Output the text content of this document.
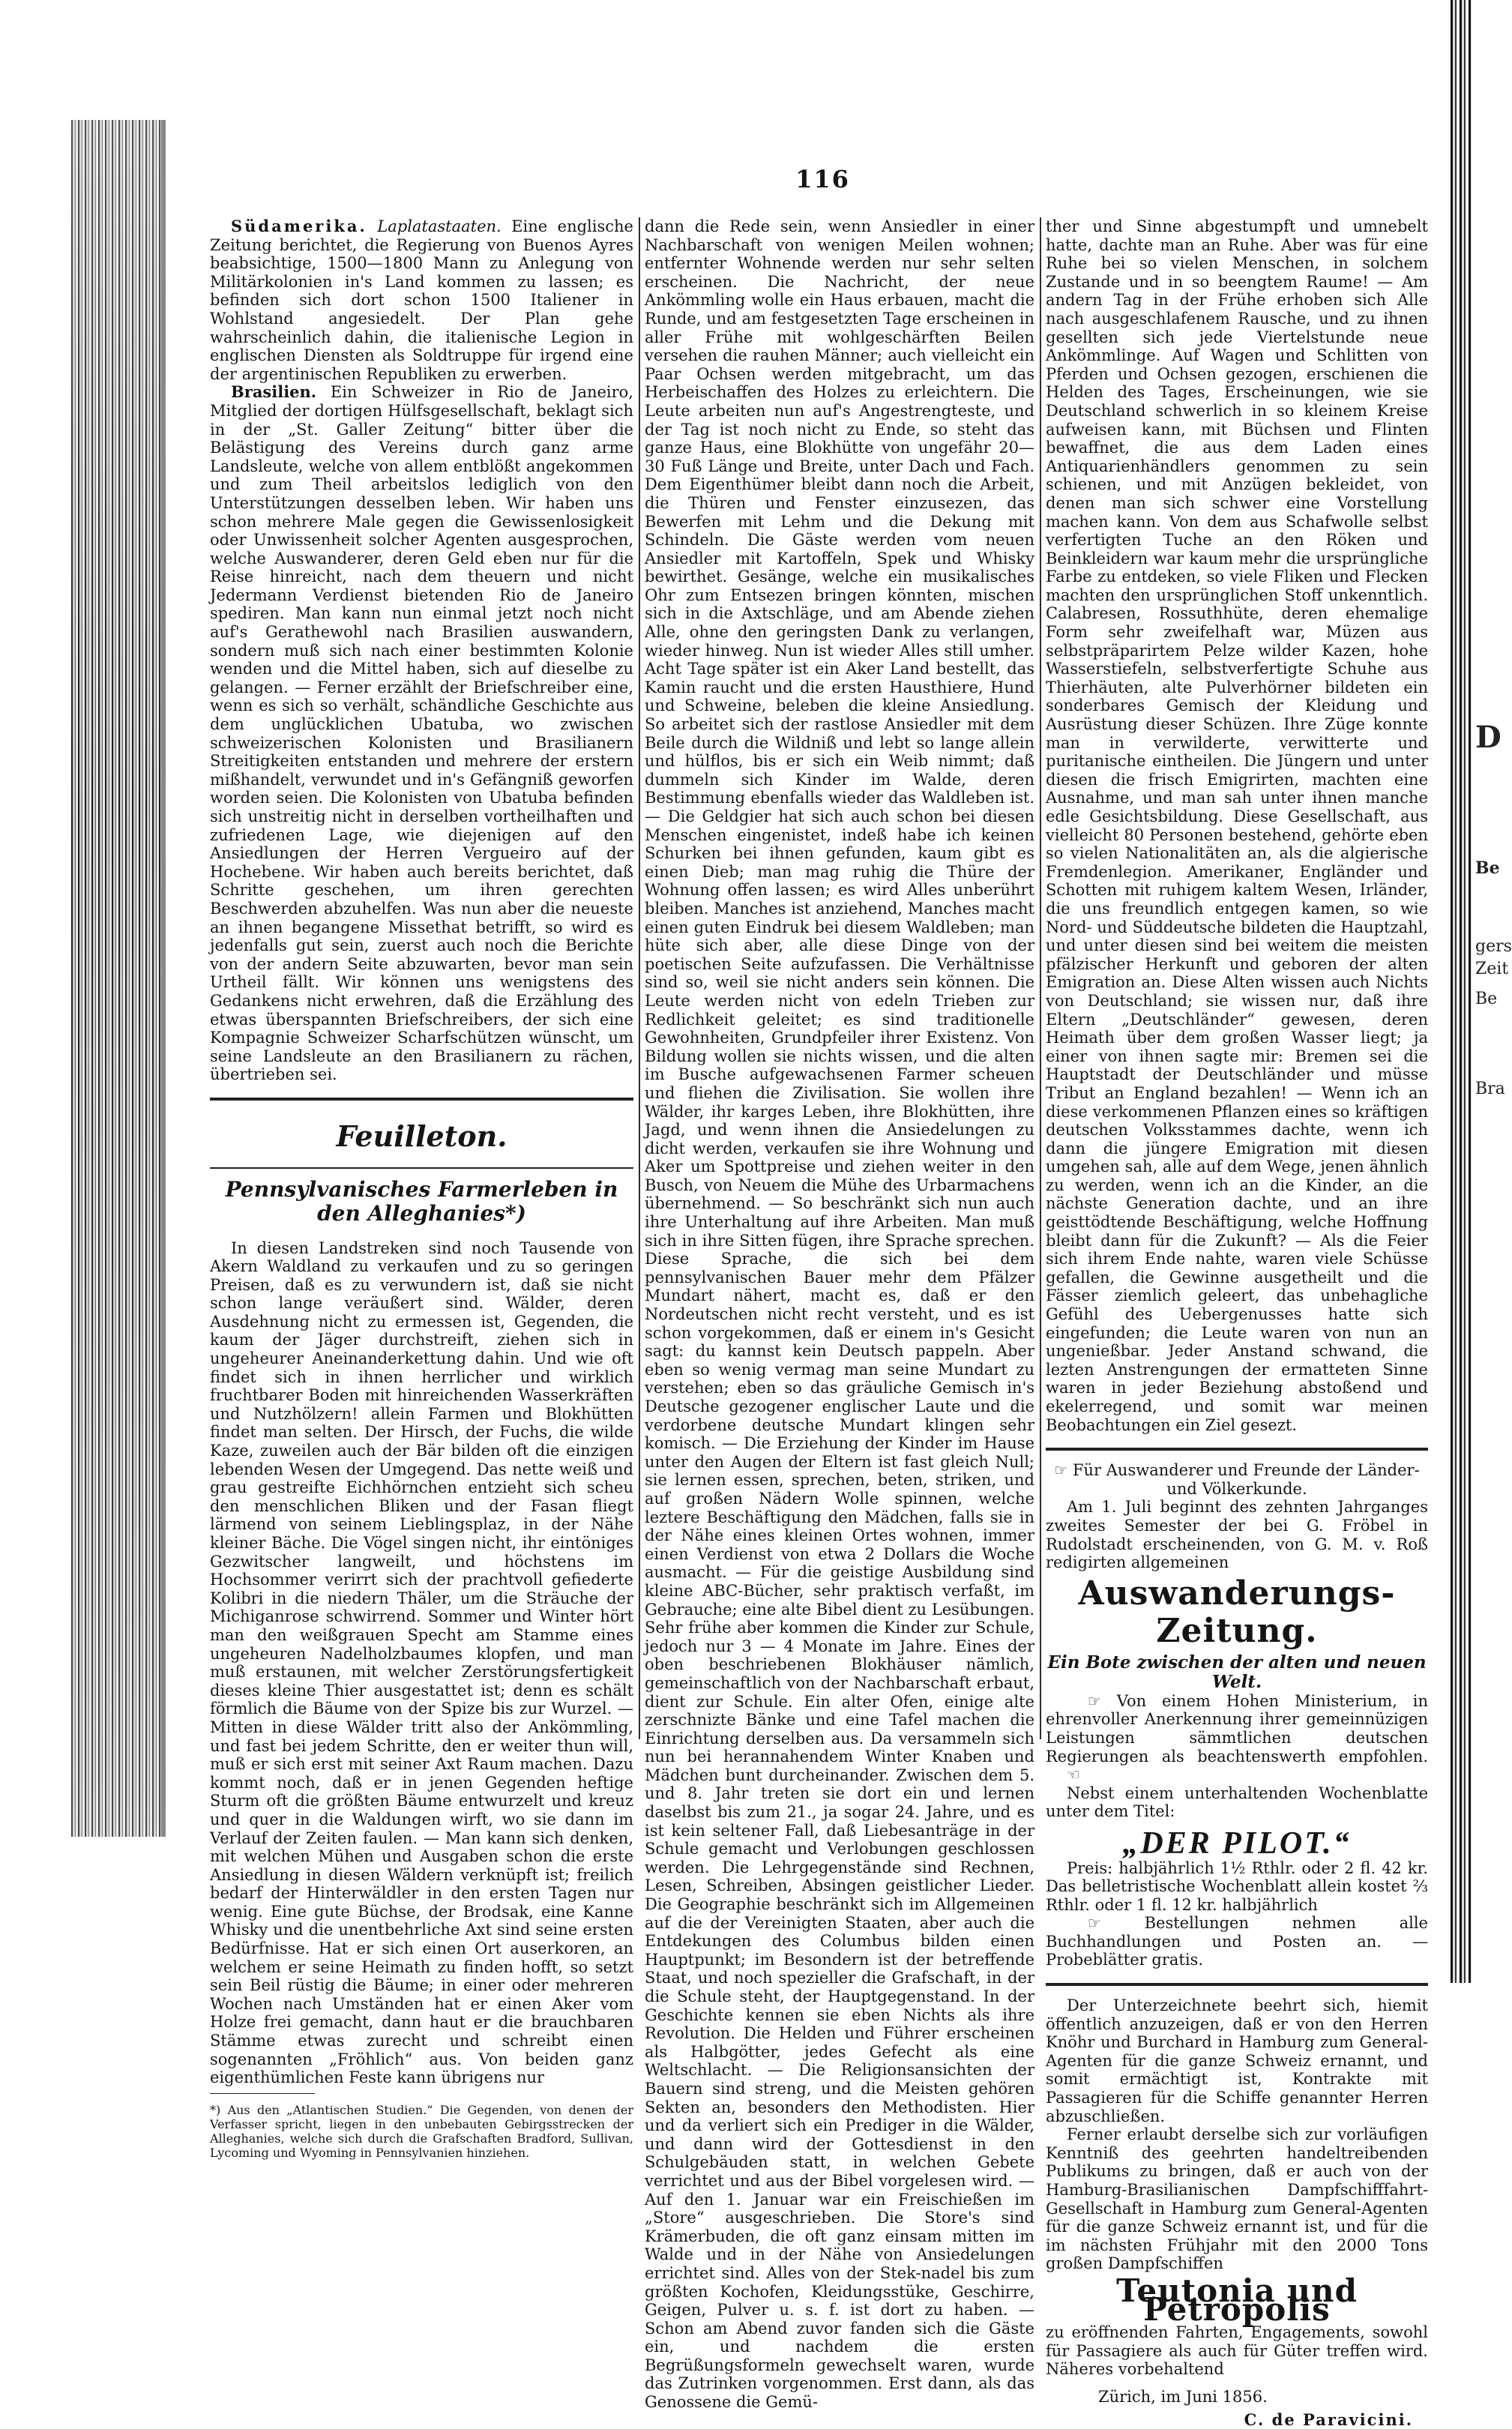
116

Südamerika. Laplatastaaten. Eine englische Zeitung berichtet, die Regierung von Buenos Ayres beabsichtige, 1500—1800 Mann zu Anlegung von Militärkolonien in's Land kommen zu lassen; es befinden sich dort schon 1500 Italiener in Wohlstand angesiedelt. Der Plan gehe wahrscheinlich dahin, die italienische Legion in englischen Diensten als Soldtruppe für irgend eine der argentinischen Republiken zu erwerben.

Brasilien. Ein Schweizer in Rio de Janeiro, Mitglied der dortigen Hülfsgesellschaft, beklagt sich in der „St. Galler Zeitung“ bitter über die Belästigung des Vereins durch ganz arme Landsleute, welche von allem entblößt angekommen und zum Theil arbeitslos lediglich von den Unterstützungen desselben leben. Wir haben uns schon mehrere Male gegen die Gewissenlosigkeit oder Unwissenheit solcher Agenten ausgesprochen, welche Auswanderer, deren Geld eben nur für die Reise hinreicht, nach dem theuern und nicht Jedermann Verdienst bietenden Rio de Janeiro spediren. Man kann nun einmal jetzt noch nicht auf's Gerathewohl nach Brasilien auswandern, sondern muß sich nach einer bestimmten Kolonie wenden und die Mittel haben, sich auf dieselbe zu gelangen. — Ferner erzählt der Briefschreiber eine, wenn es sich so verhält, schändliche Geschichte aus dem unglücklichen Ubatuba, wo zwischen schweizerischen Kolonisten und Brasilianern Streitigkeiten entstanden und mehrere der erstern mißhandelt, verwundet und in's Gefängniß geworfen worden seien. Die Kolonisten von Ubatuba befinden sich unstreitig nicht in derselben vortheilhaften und zufriedenen Lage, wie diejenigen auf den Ansiedlungen der Herren Vergueiro auf der Hochebene. Wir haben auch bereits berichtet, daß Schritte geschehen, um ihren gerechten Beschwerden abzuhelfen. Was nun aber die neueste an ihnen begangene Missethat betrifft, so wird es jedenfalls gut sein, zuerst auch noch die Berichte von der andern Seite abzuwarten, bevor man sein Urtheil fällt. Wir können uns wenigstens des Gedankens nicht erwehren, daß die Erzählung des etwas überspannten Briefschreibers, der sich eine Kompagnie Schweizer Scharfschützen wünscht, um seine Landsleute an den Brasilianern zu rächen, übertrieben sei.

Feuilleton.
Pennsylvanisches Farmerleben in den Alleghanies*)

In diesen Landstreken sind noch Tausende von Akern Waldland zu verkaufen und zu so geringen Preisen, daß es zu verwundern ist, daß sie nicht schon lange veräußert sind. Wälder, deren Ausdehnung nicht zu ermessen ist, Gegenden, die kaum der Jäger durchstreift, ziehen sich in ungeheurer Aneinanderkettung dahin. Und wie oft findet sich in ihnen herrlicher und wirklich fruchtbarer Boden mit hinreichenden Wasserkräften und Nutzhölzern! allein Farmen und Blokhütten findet man selten. Der Hirsch, der Fuchs, die wilde Kaze, zuweilen auch der Bär bilden oft die einzigen lebenden Wesen der Umgegend. Das nette weiß und grau gestreifte Eichhörnchen entzieht sich scheu den menschlichen Bliken und der Fasan fliegt lärmend von seinem Lieblingsplaz, in der Nähe kleiner Bäche. Die Vögel singen nicht, ihr eintöniges Gezwitscher langweilt, und höchstens im Hochsommer verirrt sich der prachtvoll gefiederte Kolibri in die niedern Thäler, um die Sträuche der Michiganrose schwirrend. Sommer und Winter hört man den weißgrauen Specht am Stamme eines ungeheuren Nadelholzbaumes klopfen, und man muß erstaunen, mit welcher Zerstörungsfertigkeit dieses kleine Thier ausgestattet ist; denn es schält förmlich die Bäume von der Spize bis zur Wurzel. — Mitten in diese Wälder tritt also der Ankömmling, und fast bei jedem Schritte, den er weiter thun will, muß er sich erst mit seiner Axt Raum machen. Dazu kommt noch, daß er in jenen Gegenden heftige Sturm oft die größten Bäume entwurzelt und kreuz und quer in die Waldungen wirft, wo sie dann im Verlauf der Zeiten faulen. — Man kann sich denken, mit welchen Mühen und Ausgaben schon die erste Ansiedlung in diesen Wäldern verknüpft ist; freilich bedarf der Hinterwäldler in den ersten Tagen nur wenig. Eine gute Büchse, der Brodsak, eine Kanne Whisky und die unentbehrliche Axt sind seine ersten Bedürfnisse. Hat er sich einen Ort auserkoren, an welchem er seine Heimath zu finden hofft, so setzt sein Beil rüstig die Bäume; in einer oder mehreren Wochen nach Umständen hat er einen Aker vom Holze frei gemacht, dann haut er die brauchbaren Stämme etwas zurecht und schreibt einen sogenannten „Fröhlich“ aus. Von beiden ganz eigenthümlichen Feste kann übrigens nur

*) Aus den „Atlantischen Studien.“ Die Gegenden, von denen der Verfasser spricht, liegen in den unbebauten Gebirgsstrecken der Alleghanies, welche sich durch die Grafschaften Bradford, Sullivan, Lycoming und Wyoming in Pennsylvanien hinziehen.

dann die Rede sein, wenn Ansiedler in einer Nachbarschaft von wenigen Meilen wohnen; entfernter Wohnende werden nur sehr selten erscheinen. Die Nachricht, der neue Ankömmling wolle ein Haus erbauen, macht die Runde, und am festgesetzten Tage erscheinen in aller Frühe mit wohlgeschärften Beilen versehen die rauhen Männer; auch vielleicht ein Paar Ochsen werden mitgebracht, um das Herbeischaffen des Holzes zu erleichtern. Die Leute arbeiten nun auf's Angestrengteste, und der Tag ist noch nicht zu Ende, so steht das ganze Haus, eine Blokhütte von ungefähr 20—30 Fuß Länge und Breite, unter Dach und Fach. Dem Eigenthümer bleibt dann noch die Arbeit, die Thüren und Fenster einzusezen, das Bewerfen mit Lehm und die Dekung mit Schindeln. Die Gäste werden vom neuen Ansiedler mit Kartoffeln, Spek und Whisky bewirthet. Gesänge, welche ein musikalisches Ohr zum Entsezen bringen könnten, mischen sich in die Axtschläge, und am Abende ziehen Alle, ohne den geringsten Dank zu verlangen, wieder hinweg. Nun ist wieder Alles still umher. Acht Tage später ist ein Aker Land bestellt, das Kamin raucht und die ersten Hausthiere, Hund und Schweine, beleben die kleine Ansiedlung. So arbeitet sich der rastlose Ansiedler mit dem Beile durch die Wildniß und lebt so lange allein und hülflos, bis er sich ein Weib nimmt; daß dummeln sich Kinder im Walde, deren Bestimmung ebenfalls wieder das Waldleben ist. — Die Geldgier hat sich auch schon bei diesen Menschen eingenistet, indeß habe ich keinen Schurken bei ihnen gefunden, kaum gibt es einen Dieb; man mag ruhig die Thüre der Wohnung offen lassen; es wird Alles unberührt bleiben. Manches ist anziehend, Manches macht einen guten Eindruk bei diesem Waldleben; man hüte sich aber, alle diese Dinge von der poetischen Seite aufzufassen. Die Verhältnisse sind so, weil sie nicht anders sein können. Die Leute werden nicht von edeln Trieben zur Redlichkeit geleitet; es sind traditionelle Gewohnheiten, Grundpfeiler ihrer Existenz. Von Bildung wollen sie nichts wissen, und die alten im Busche aufgewachsenen Farmer scheuen und fliehen die Zivilisation. Sie wollen ihre Wälder, ihr karges Leben, ihre Blokhütten, ihre Jagd, und wenn ihnen die Ansiedelungen zu dicht werden, verkaufen sie ihre Wohnung und Aker um Spottpreise und ziehen weiter in den Busch, von Neuem die Mühe des Urbarmachens übernehmend. — So beschränkt sich nun auch ihre Unterhaltung auf ihre Arbeiten. Man muß sich in ihre Sitten fügen, ihre Sprache sprechen. Diese Sprache, die sich bei dem pennsylvanischen Bauer mehr dem Pfälzer Mundart nähert, macht es, daß er den Nordeutschen nicht recht versteht, und es ist schon vorgekommen, daß er einem in's Gesicht sagt: du kannst kein Deutsch pappeln. Aber eben so wenig vermag man seine Mundart zu verstehen; eben so das gräuliche Gemisch in's Deutsche gezogener englischer Laute und die verdorbene deutsche Mundart klingen sehr komisch. — Die Erziehung der Kinder im Hause unter den Augen der Eltern ist fast gleich Null; sie lernen essen, sprechen, beten, striken, und auf großen Nädern Wolle spinnen, welche leztere Beschäftigung den Mädchen, falls sie in der Nähe eines kleinen Ortes wohnen, immer einen Verdienst von etwa 2 Dollars die Woche ausmacht. — Für die geistige Ausbildung sind kleine ABC-Bücher, sehr praktisch verfaßt, im Gebrauche; eine alte Bibel dient zu Lesübungen. Sehr frühe aber kommen die Kinder zur Schule, jedoch nur 3 — 4 Monate im Jahre. Eines der oben beschriebenen Blokhäuser nämlich, gemeinschaftlich von der Nachbarschaft erbaut, dient zur Schule. Ein alter Ofen, einige alte zerschnizte Bänke und eine Tafel machen die Einrichtung derselben aus. Da versammeln sich nun bei herannahendem Winter Knaben und Mädchen bunt durcheinander. Zwischen dem 5. und 8. Jahr treten sie dort ein und lernen daselbst bis zum 21., ja sogar 24. Jahre, und es ist kein seltener Fall, daß Liebesanträge in der Schule gemacht und Verlobungen geschlossen werden. Die Lehrgegenstände sind Rechnen, Lesen, Schreiben, Absingen geistlicher Lieder. Die Geographie beschränkt sich im Allgemeinen auf die der Vereinigten Staaten, aber auch die Entdekungen des Columbus bilden einen Hauptpunkt; im Besondern ist der betreffende Staat, und noch spezieller die Grafschaft, in der die Schule steht, der Hauptgegenstand. In der Geschichte kennen sie eben Nichts als ihre Revolution. Die Helden und Führer erscheinen als Halbgötter, jedes Gefecht als eine Weltschlacht. — Die Religionsansichten der Bauern sind streng, und die Meisten gehören Sekten an, besonders den Methodisten. Hier und da verliert sich ein Prediger in die Wälder, und dann wird der Gottesdienst in den Schulgebäuden statt, in welchen Gebete verrichtet und aus der Bibel vorgelesen wird. — Auf den 1. Januar war ein Freischießen im „Store“ ausgeschrieben. Die Store's sind Krämerbuden, die oft ganz einsam mitten im Walde und in der Nähe von Ansiedelungen errichtet sind. Alles von der Stek-nadel bis zum größten Kochofen, Kleidungsstüke, Geschirre, Geigen, Pulver u. s. f. ist dort zu haben. — Schon am Abend zuvor fanden sich die Gäste ein, und nachdem die ersten Begrüßungsformeln gewechselt waren, wurde das Zutrinken vorgenommen. Erst dann, als das Genossene die Gemü-

ther und Sinne abgestumpft und umnebelt hatte, dachte man an Ruhe. Aber was für eine Ruhe bei so vielen Menschen, in solchem Zustande und in so beengtem Raume! — Am andern Tag in der Frühe erhoben sich Alle nach ausgeschlafenem Rausche, und zu ihnen gesellten sich jede Viertelstunde neue Ankömmlinge. Auf Wagen und Schlitten von Pferden und Ochsen gezogen, erschienen die Helden des Tages, Erscheinungen, wie sie Deutschland schwerlich in so kleinem Kreise aufweisen kann, mit Büchsen und Flinten bewaffnet, die aus dem Laden eines Antiquarienhändlers genommen zu sein schienen, und mit Anzügen bekleidet, von denen man sich schwer eine Vorstellung machen kann. Von dem aus Schafwolle selbst verfertigten Tuche an den Röken und Beinkleidern war kaum mehr die ursprüngliche Farbe zu entdeken, so viele Fliken und Flecken machten den ursprünglichen Stoff unkenntlich. Calabresen, Rossuthhüte, deren ehemalige Form sehr zweifelhaft war, Müzen aus selbstpräparirtem Pelze wilder Kazen, hohe Wasserstiefeln, selbstverfertigte Schuhe aus Thierhäuten, alte Pulverhörner bildeten ein sonderbares Gemisch der Kleidung und Ausrüstung dieser Schüzen. Ihre Züge konnte man in verwilderte, verwitterte und puritanische eintheilen. Die Jüngern und unter diesen die frisch Emigrirten, machten eine Ausnahme, und man sah unter ihnen manche edle Gesichtsbildung. Diese Gesellschaft, aus vielleicht 80 Personen bestehend, gehörte eben so vielen Nationalitäten an, als die algierische Fremdenlegion. Amerikaner, Engländer und Schotten mit ruhigem kaltem Wesen, Irländer, die uns freundlich entgegen kamen, so wie Nord- und Süddeutsche bildeten die Hauptzahl, und unter diesen sind bei weitem die meisten pfälzischer Herkunft und geboren der alten Emigration an. Diese Alten wissen auch Nichts von Deutschland; sie wissen nur, daß ihre Eltern „Deutschländer“ gewesen, deren Heimath über dem großen Wasser liegt; ja einer von ihnen sagte mir: Bremen sei die Hauptstadt der Deutschländer und müsse Tribut an England bezahlen! — Wenn ich an diese verkommenen Pflanzen eines so kräftigen deutschen Volksstammes dachte, wenn ich dann die jüngere Emigration mit diesen umgehen sah, alle auf dem Wege, jenen ähnlich zu werden, wenn ich an die Kinder, an die nächste Generation dachte, und an ihre geisttödtende Beschäftigung, welche Hoffnung bleibt dann für die Zukunft? — Als die Feier sich ihrem Ende nahte, waren viele Schüsse gefallen, die Gewinne ausgetheilt und die Fässer ziemlich geleert, das unbehagliche Gefühl des Uebergenusses hatte sich eingefunden; die Leute waren von nun an ungenießbar. Jeder Anstand schwand, die lezten Anstrengungen der ermatteten Sinne waren in jeder Beziehung abstoßend und ekelerregend, und somit war meinen Beobachtungen ein Ziel gesezt.

☞ Für Auswanderer und Freunde der Länder- und Völkerkunde.

Am 1. Juli beginnt des zehnten Jahrganges zweites Semester der bei G. Fröbel in Rudolstadt erscheinenden, von G. M. v. Roß redigirten allgemeinen

Auswanderungs-Zeitung.
Ein Bote zwischen der alten und neuen Welt.

☞ Von einem Hohen Ministerium, in ehrenvoller Anerkennung ihrer gemeinnüzigen Leistungen sämmtlichen deutschen Regierungen als beachtenswerth empfohlen. ☜

Nebst einem unterhaltenden Wochenblatte unter dem Titel:

„DER PILOT.“

Preis: halbjährlich 1½ Rthlr. oder 2 fl. 42 kr. Das belletristische Wochenblatt allein kostet ⅔ Rthlr. oder 1 fl. 12 kr. halbjährlich

☞	Bestellungen nehmen alle Buchhandlungen und Posten an. — Probeblätter gratis.

Der Unterzeichnete beehrt sich, hiemit öffentlich anzuzeigen, daß er von den Herren Knöhr und Burchard in Hamburg zum General-Agenten für die ganze Schweiz ernannt, und somit ermächtigt ist, Kontrakte mit Passagieren für die Schiffe genannter Herren abzuschließen.

Ferner erlaubt derselbe sich zur vorläufigen Kenntniß des geehrten handeltreibenden Publikums zu bringen, daß er auch von der Hamburg-Brasilianischen Dampfschifffahrt-Gesellschaft in Hamburg zum General-Agenten für die ganze Schweiz ernannt ist, und für die im nächsten Frühjahr mit den 2000 Tons großen Dampfschiffen

Teutonia und Petropolis

zu eröffnenden Fahrten, Engagements, sowohl für Passagiere als auch für Güter treffen wird. Näheres vorbehaltend

Zürich, im Juni 1856.
C. de Paravicini.
D
Be
gers
Zeit
Be
Bra
